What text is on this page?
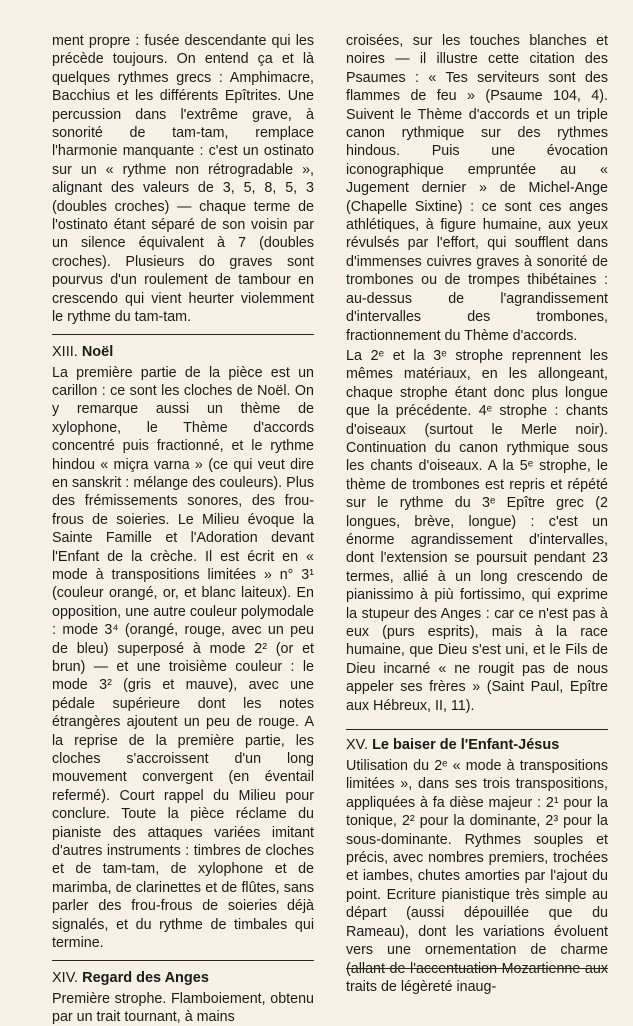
ment propre : fusée descendante qui les précède toujours. On entend ça et là quelques rythmes grecs : Amphimacre, Bacchius et les différents Epîtrites. Une percussion dans l'extrême grave, à sonorité de tam-tam, remplace l'harmonie manquante : c'est un ostinato sur un « rythme non rétrogradable », alignant des valeurs de 3, 5, 8, 5, 3 (doubles croches) — chaque terme de l'ostinato étant séparé de son voisin par un silence équivalent à 7 (doubles croches). Plusieurs do graves sont pourvus d'un roulement de tambour en crescendo qui vient heurter violemment le rythme du tam-tam.

XIII. Noël

La première partie de la pièce est un carillon : ce sont les cloches de Noël. On y remarque aussi un thème de xylophone, le Thème d'accords concentré puis fractionné, et le rythme hindou « miçra varna » (ce qui veut dire en sanskrit : mélange des couleurs). Plus des frémissements sonores, des frou-frous de soieries. Le Milieu évoque la Sainte Famille et l'Adoration devant l'Enfant de la crèche. Il est écrit en « mode à transpositions limitées » n° 3¹ (couleur orangé, or, et blanc laiteux). En opposition, une autre couleur polymodale : mode 3⁴ (orangé, rouge, avec un peu de bleu) superposé à mode 2² (or et brun) — et une troisième couleur : le mode 3² (gris et mauve), avec une pédale supérieure dont les notes étrangères ajoutent un peu de rouge. A la reprise de la première partie, les cloches s'accroissent d'un long mouvement convergent (en éventail refermé). Court rappel du Milieu pour conclure. Toute la pièce réclame du pianiste des attaques variées imitant d'autres instruments : timbres de cloches et de tam-tam, de xylophone et de marimba, de clarinettes et de flûtes, sans parler des frou-frous de soieries déjà signalés, et du rythme de timbales qui termine.

XIV. Regard des Anges

Première strophe. Flamboiement, obtenu par un trait tournant, à mains

croisées, sur les touches blanches et noires — il illustre cette citation des Psaumes : « Tes serviteurs sont des flammes de feu » (Psaume 104, 4). Suivent le Thème d'accords et un triple canon rythmique sur des rythmes hindous. Puis une évocation iconographique empruntée au « Jugement dernier » de Michel-Ange (Chapelle Sixtine) : ce sont ces anges athlétiques, à figure humaine, aux yeux révulsés par l'effort, qui soufflent dans d'immenses cuivres graves à sonorité de trombones ou de trompes thibétaines : au-dessus de l'agrandissement d'intervalles des trombones, fractionnement du Thème d'accords.

La 2ᵉ et la 3ᵉ strophe reprennent les mêmes matériaux, en les allongeant, chaque strophe étant donc plus longue que la précédente. 4ᵉ strophe : chants d'oiseaux (surtout le Merle noir). Continuation du canon rythmique sous les chants d'oiseaux. A la 5ᵉ strophe, le thème de trombones est repris et répété sur le rythme du 3ᵉ Epître grec (2 longues, brève, longue) : c'est un énorme agrandissement d'intervalles, dont l'extension se poursuit pendant 23 termes, allié à un long crescendo de pianissimo à più fortissimo, qui exprime la stupeur des Anges : car ce n'est pas à eux (purs esprits), mais à la race humaine, que Dieu s'est uni, et le Fils de Dieu incarné « ne rougit pas de nous appeler ses frères » (Saint Paul, Epître aux Hébreux, II, 11).

XV. Le baiser de l'Enfant-Jésus

Utilisation du 2ᵉ « mode à transpositions limitées », dans ses trois transpositions, appliquées à fa dièse majeur : 2¹ pour la tonique, 2² pour la dominante, 2³ pour la sous-dominante. Rythmes souples et précis, avec nombres premiers, trochées et iambes, chutes amorties par l'ajout du point. Ecriture pianistique très simple au départ (aussi dépouillée que du Rameau), dont les variations évoluent vers une ornementation de charme (allant de l'accentuation Mozartienne aux traits de légèreté inaug-
